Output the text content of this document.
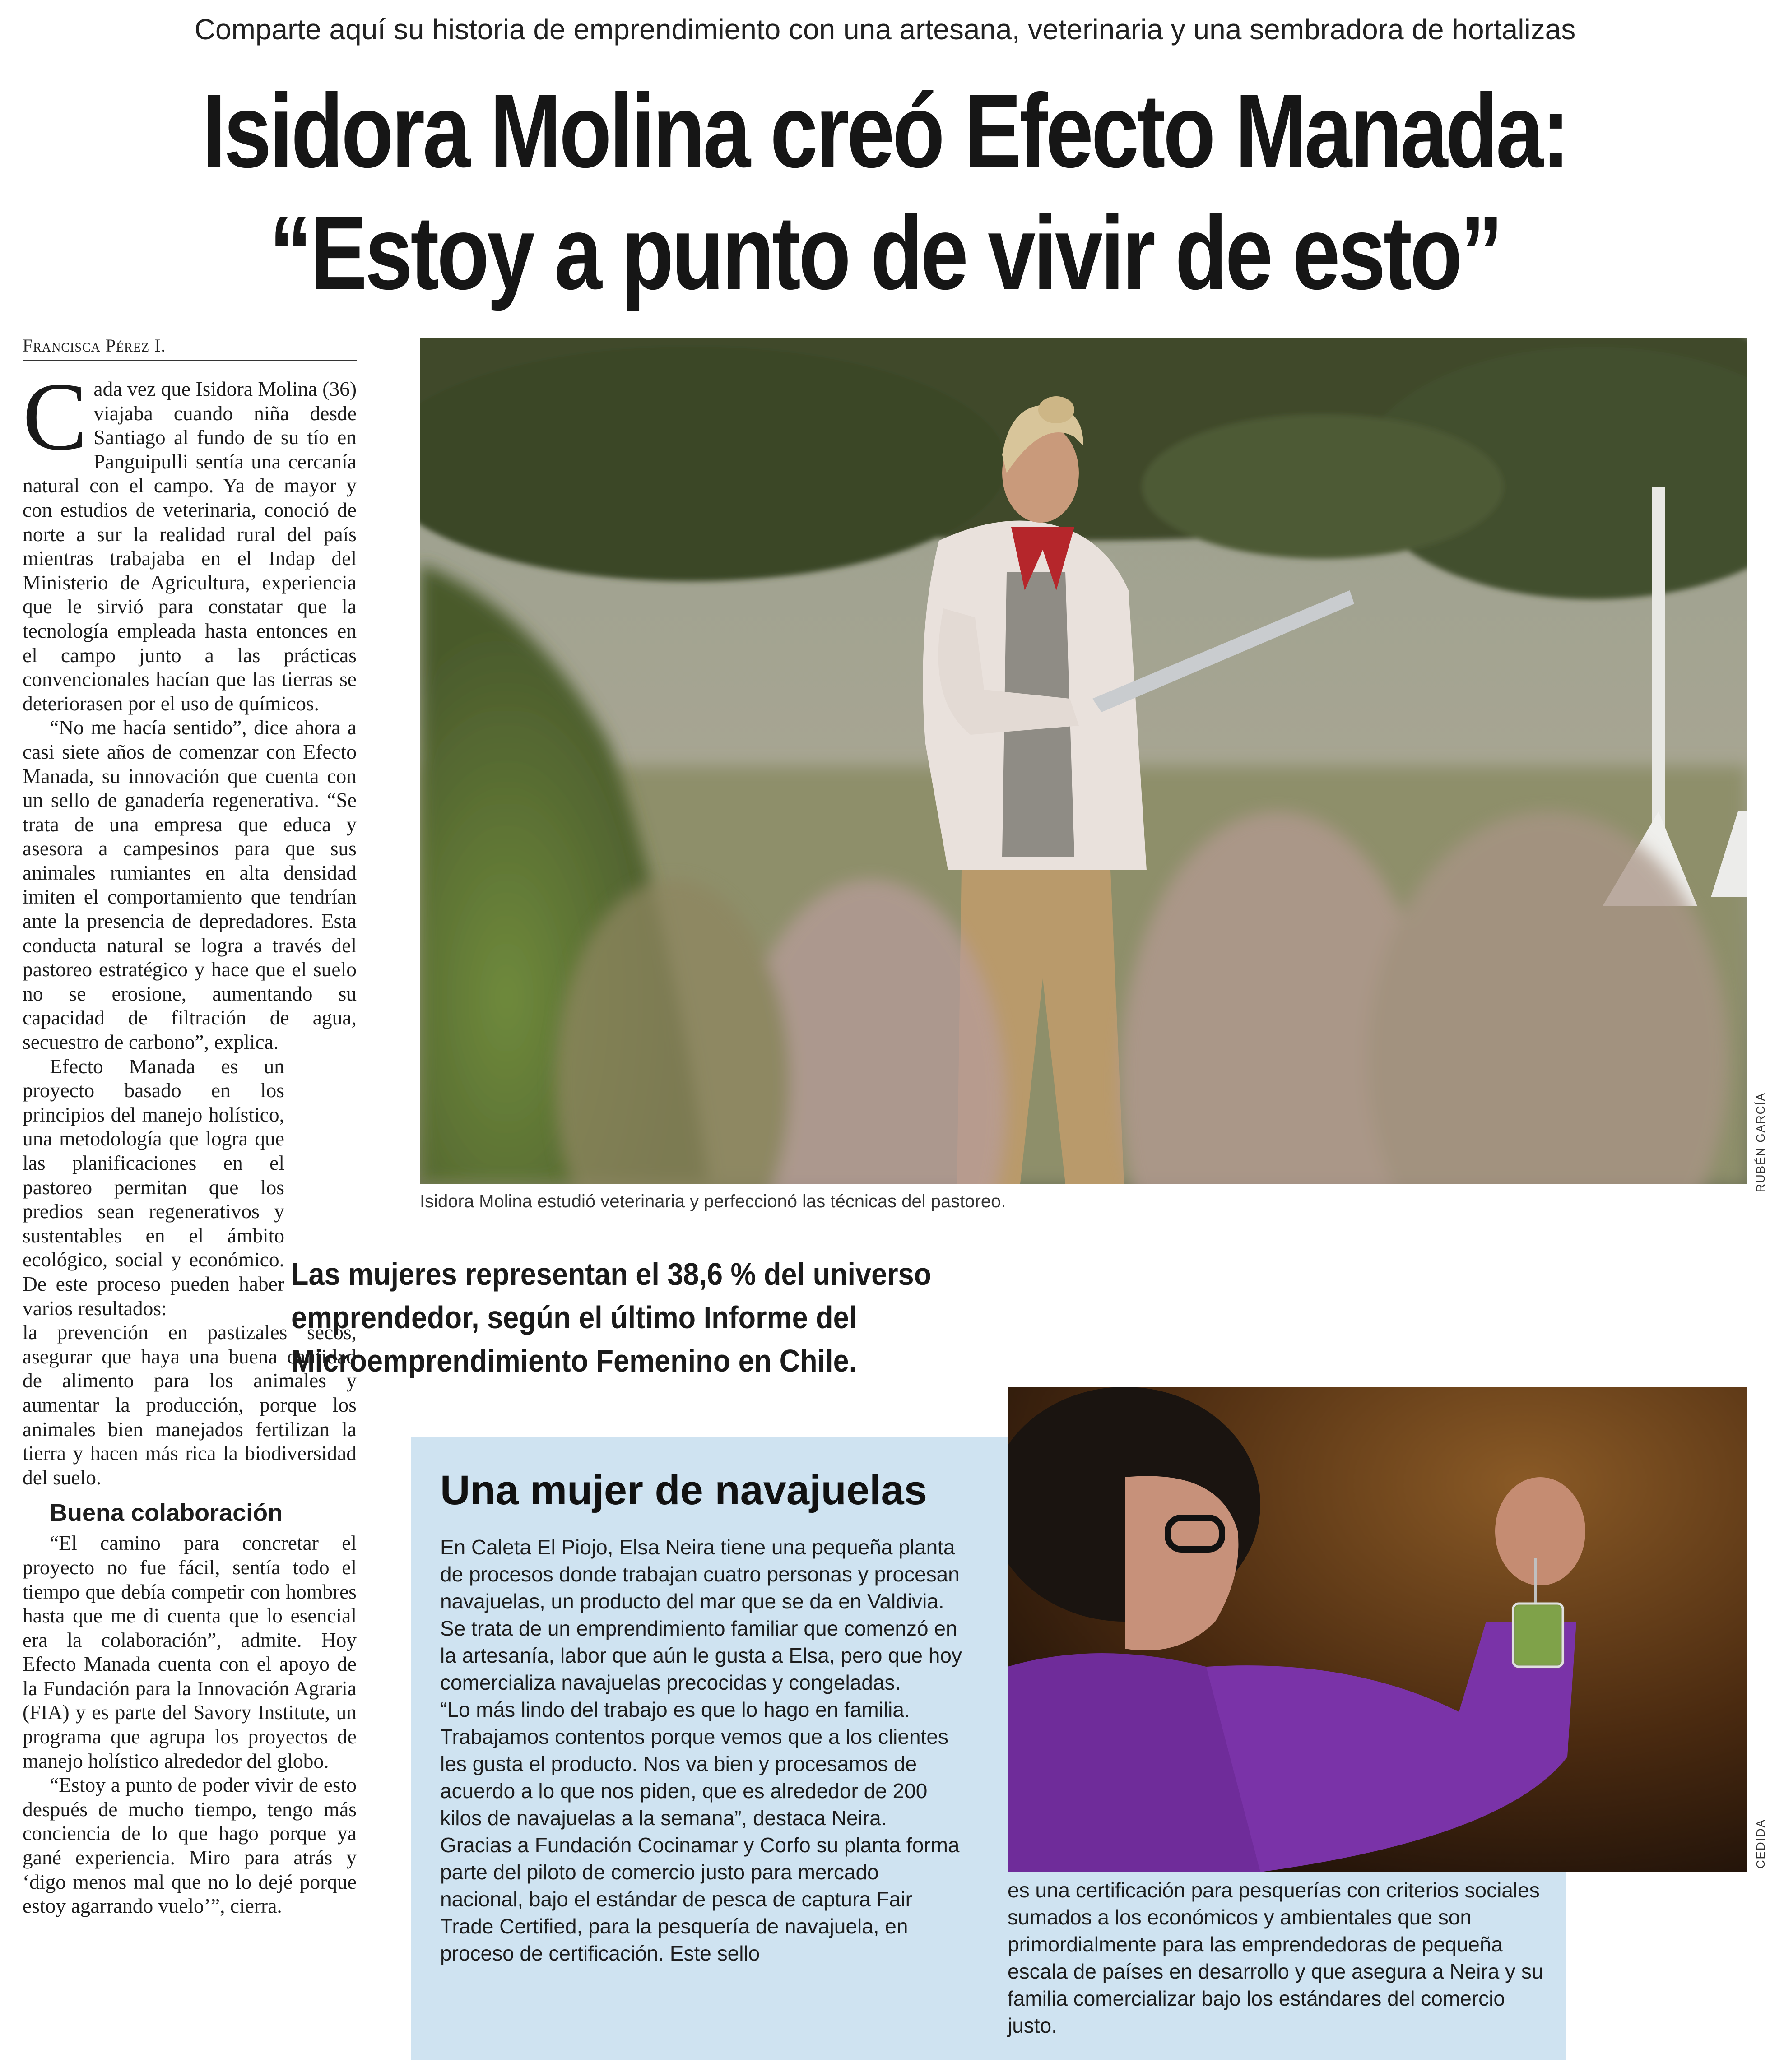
Comparte aquí su historia de emprendimiento con una artesana, veterinaria y una sembradora de hortalizas
Isidora Molina creó Efecto Manada:
“Estoy a punto de vivir de esto”
Francisca Pérez I.

Cada vez que Isidora Molina (36) viajaba cuando niña desde Santiago al fundo de su tío en Panguipulli sentía una cercanía natural con el campo. Ya de mayor y con estudios de veterinaria, conoció de norte a sur la realidad rural del país mientras trabajaba en el Indap del Ministerio de Agricultura, experiencia que le sirvió para constatar que la tecnología empleada hasta entonces en el campo junto a las prácticas convencionales hacían que las tierras se deteriorasen por el uso de químicos.

“No me hacía sentido”, dice ahora a casi siete años de comenzar con Efecto Manada, su innovación que cuenta con un sello de ganadería regenerativa. “Se trata de una empresa que educa y asesora a campesinos para que sus animales rumiantes en alta densidad imiten el comportamiento que tendrían ante la presencia de depredadores. Esta conducta natural se logra a través del pastoreo estratégico y hace que el suelo no se erosione, aumentando su capacidad de filtración de agua, secuestro de carbono”, explica.

Efecto Manada es un proyecto basado en los principios del manejo holístico, una metodología que logra que las planificaciones en el pastoreo permitan que los predios sean regenerativos y sustentables en el ámbito ecológico, social y económico. De este proceso pueden haber varios resultados:

la prevención en pastizales secos, asegurar que haya una buena cantidad de alimento para los animales y aumentar la producción, porque los animales bien manejados fertilizan la tierra y hacen más rica la biodiversidad del suelo.

Buena colaboración

“El camino para concretar el proyecto no fue fácil, sentía todo el tiempo que debía competir con hombres hasta que me di cuenta que lo esencial era la colaboración”, admite. Hoy Efecto Manada cuenta con el apoyo de la Fundación para la Innovación Agraria (FIA) y es parte del Savory Institute, un programa que agrupa los proyectos de manejo holístico alrededor del globo.

“Estoy a punto de poder vivir de esto después de mucho tiempo, tengo más conciencia de lo que hago porque ya gané experiencia. Miro para atrás y ‘digo menos mal que no lo dejé porque estoy agarrando vuelo’”, cierra.

RUBÉN GARCÍA
Isidora Molina estudió veterinaria y perfeccionó las técnicas del pastoreo.
Las mujeres representan el 38,6 % del universo emprendedor, según el último Informe del Microemprendimiento Femenino en Chile.
CEDIDA
Una mujer de navajuelas

En Caleta El Piojo, Elsa Neira tiene una pequeña planta de procesos donde trabajan cuatro personas y procesan navajuelas, un producto del mar que se da en Valdivia. Se trata de un emprendimiento familiar que comenzó en la artesanía, labor que aún le gusta a Elsa, pero que hoy comercializa navajuelas precocidas y congeladas.

“Lo más lindo del trabajo es que lo hago en familia. Trabajamos contentos porque vemos que a los clientes les gusta el producto. Nos va bien y procesamos de acuerdo a lo que nos piden, que es alrededor de 200 kilos de navajuelas a la semana”, destaca Neira.

Gracias a Fundación Cocinamar y Corfo su planta forma parte del piloto de comercio justo para mercado nacional, bajo el estándar de pesca de captura Fair Trade Certified, para la pesquería de navajuela, en proceso de certificación. Este sello

es una certificación para pesquerías con criterios sociales sumados a los económicos y ambientales que son primordialmente para las emprendedoras de pequeña escala de países en desarrollo y que asegura a Neira y su familia comercializar bajo los estándares del comercio justo.
